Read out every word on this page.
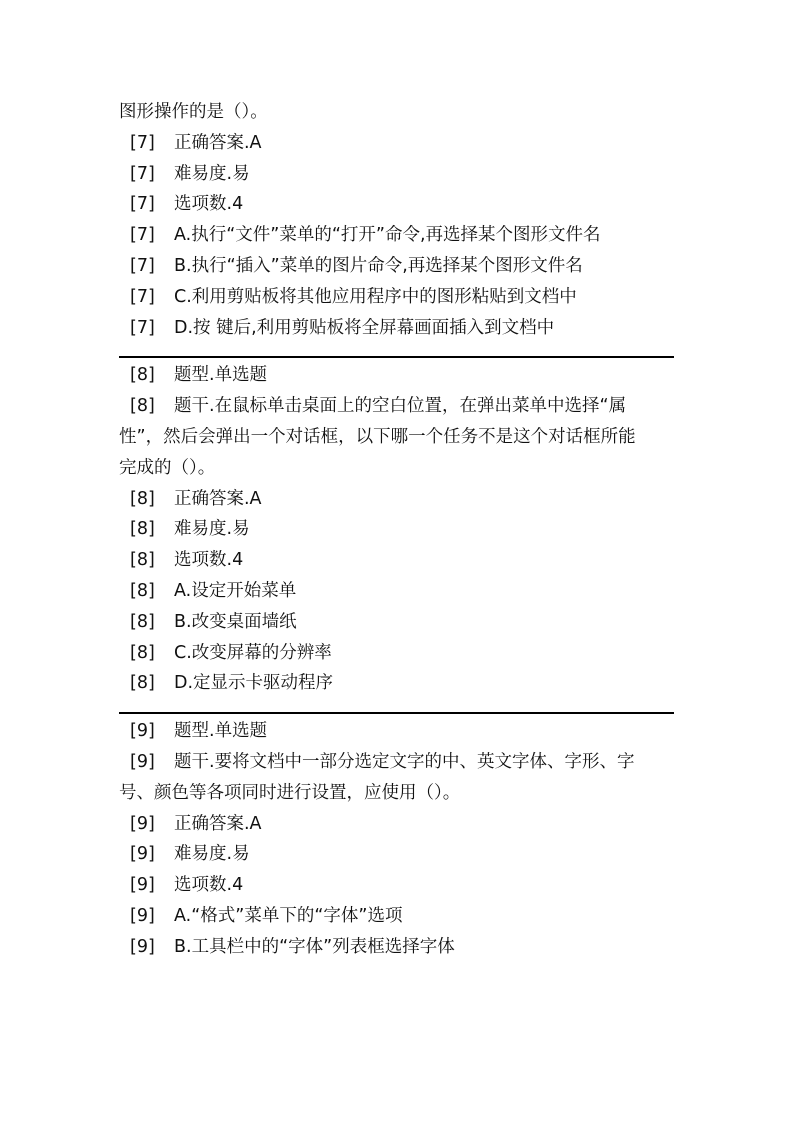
图形操作的是（）。
[7] 正确答案.A
[7] 难易度.易
[7] 选项数.4
[7] A.执行“文件”菜单的“打开”命令,再选择某个图形文件名
[7] B.执行“插入”菜单的图片命令,再选择某个图形文件名
[7] C.利用剪贴板将其他应用程序中的图形粘贴到文档中
[7] D.按 键后,利用剪贴板将全屏幕画面插入到文档中
[8] 题型.单选题
[8] 题干.在鼠标单击桌面上的空白位置，在弹出菜单中选择“属
性”，然后会弹出一个对话框，以下哪一个任务不是这个对话框所能
完成的（）。
[8] 正确答案.A
[8] 难易度.易
[8] 选项数.4
[8] A.设定开始菜单
[8] B.改变桌面墙纸
[8] C.改变屏幕的分辨率
[8] D.定显示卡驱动程序
[9] 题型.单选题
[9] 题干.要将文档中一部分选定文字的中、英文字体、字形、字
号、颜色等各项同时进行设置，应使用（）。
[9] 正确答案.A
[9] 难易度.易
[9] 选项数.4
[9] A.“格式”菜单下的“字体”选项
[9] B.工具栏中的“字体”列表框选择字体
